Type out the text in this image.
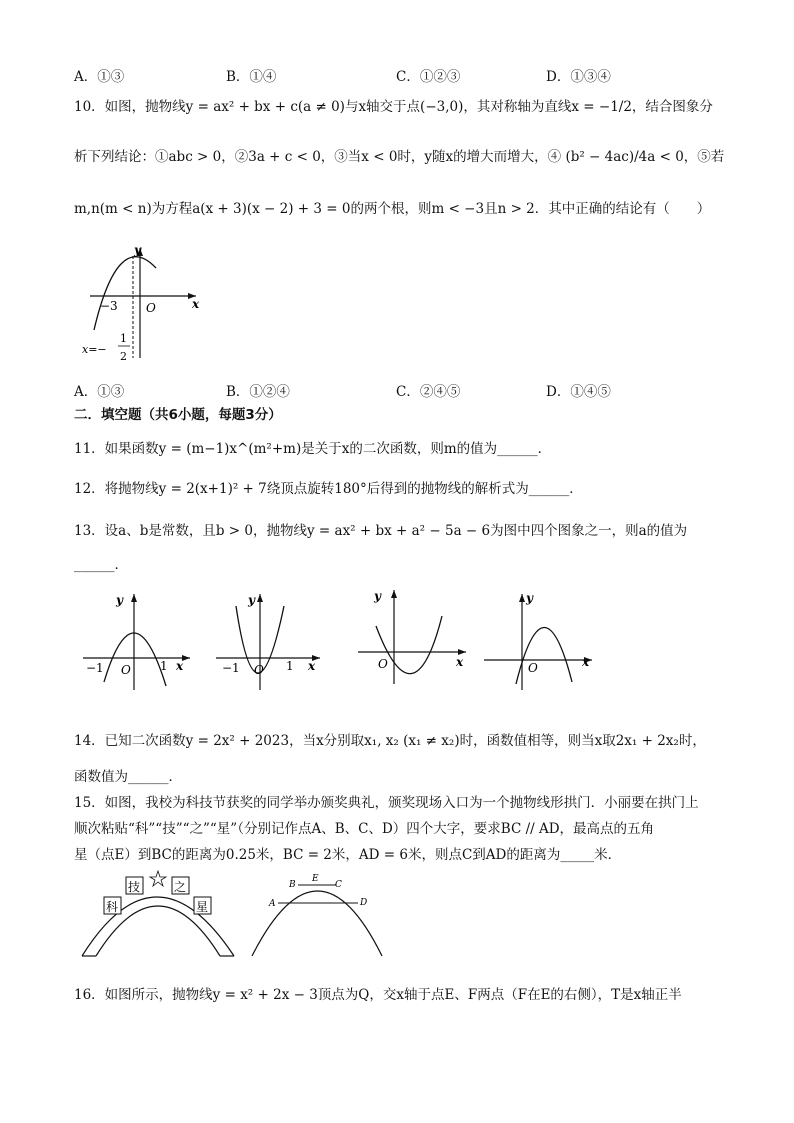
A．①③	B．①④	C．①②③	D．①③④
10．如图，抛物线y = ax² + bx + c(a ≠ 0)与x轴交于点(−3,0)，其对称轴为直线x = −1/2，结合图象分
析下列结论：①abc > 0，②3a + c < 0，③当x < 0时，y随x的增大而增大，④ (b² − 4ac)/4a < 0，⑤若
m,n(m < n)为方程a(x + 3)(x − 2) + 3 = 0的两个根，则m < −3且n > 2．其中正确的结论有（　　）
y
x
O
−3
x=−
1
2
A．①③	B．①②④	C．②④⑤	D．①④⑤
二．填空题（共6小题，每题3分）
11．如果函数y = (m−1)x^(m²+m)是关于x的二次函数，则m的值为______．
12．将抛物线y = 2(x+1)² + 7绕顶点旋转180°后得到的抛物线的解析式为______．
13．设a、b是常数，且b > 0，抛物线y = ax² + bx + a² − 5a − 6为图中四个图象之一，则a的值为
______．
y
x
O
−1	1
y
x
O
−1	1
y
x
O
y
x
O
14．已知二次函数y = 2x² + 2023，当x分别取x₁, x₂ (x₁ ≠ x₂)时，函数值相等，则当x取2x₁ + 2x₂时，
函数值为______．
15．如图，我校为科技节获奖的同学举办颁奖典礼，颁奖现场入口为一个抛物线形拱门．小丽要在拱门上
顺次粘贴“科”“技”“之”“星”（分别记作点A、B、C、D）四个大字，要求BC // AD，最高点的五角
星（点E）到BC的距离为0.25米，BC = 2米，AD = 6米，则点C到AD的距离为_____米．
科
技	之
星
B
E
C
A	D
16．如图所示，抛物线y = x² + 2x − 3顶点为Q，交x轴于点E、F两点（F在E的右侧），T是x轴正半
